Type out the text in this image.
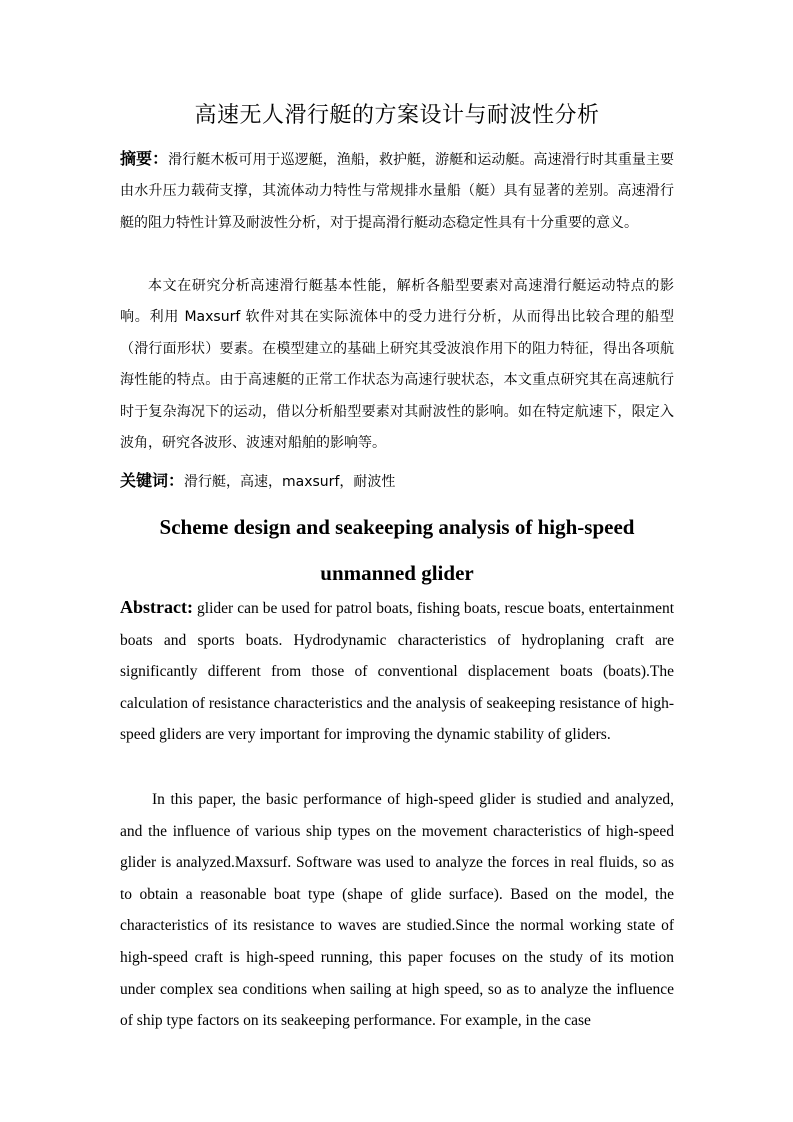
高速无人滑行艇的方案设计与耐波性分析

摘要：滑行艇木板可用于巡逻艇，渔船，救护艇，游艇和运动艇。高速滑行时其重量主要由水升压力载荷支撑，其流体动力特性与常规排水量船（艇）具有显著的差别。高速滑行艇的阻力特性计算及耐波性分析，对于提高滑行艇动态稳定性具有十分重要的意义。

本文在研究分析高速滑行艇基本性能，解析各船型要素对高速滑行艇运动特点的影响。利用 Maxsurf 软件对其在实际流体中的受力进行分析，从而得出比较合理的船型（滑行面形状）要素。在模型建立的基础上研究其受波浪作用下的阻力特征，得出各项航海性能的特点。由于高速艇的正常工作状态为高速行驶状态，本文重点研究其在高速航行时于复杂海况下的运动，借以分析船型要素对其耐波性的影响。如在特定航速下，限定入波角，研究各波形、波速对船舶的影响等。

关键词：滑行艇，高速，maxsurf，耐波性

Scheme design and seakeeping analysis of high-speed unmanned glider

Abstract: glider can be used for patrol boats, fishing boats, rescue boats, entertainment boats and sports boats. Hydrodynamic characteristics of hydroplaning craft are significantly different from those of conventional displacement boats (boats).The calculation of resistance characteristics and the analysis of seakeeping resistance of high-speed gliders are very important for improving the dynamic stability of gliders.

In this paper, the basic performance of high-speed glider is studied and analyzed, and the influence of various ship types on the movement characteristics of high-speed glider is analyzed.Maxsurf. Software was used to analyze the forces in real fluids, so as to obtain a reasonable boat type (shape of glide surface). Based on the model, the characteristics of its resistance to waves are studied.Since the normal working state of high-speed craft is high-speed running, this paper focuses on the study of its motion under complex sea conditions when sailing at high speed, so as to analyze the influence of ship type factors on its seakeeping performance. For example, in the case
